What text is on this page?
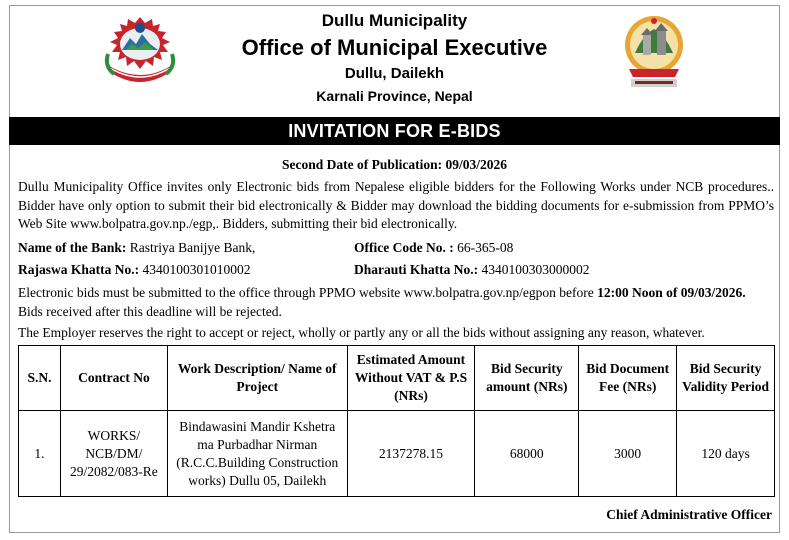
Dullu Municipality
Office of Municipal Executive
Dullu, Dailekh
Karnali Province, Nepal
INVITATION FOR E-BIDS
Second Date of Publication: 09/03/2026
Dullu Municipality Office invites only Electronic bids from Nepalese eligible bidders for the Following Works under NCB procedures.. Bidder have only option to submit their bid electronically & Bidder may download the bidding documents for e-submission from PPMO’s Web Site www.bolpatra.gov.np./egp,. Bidders, submitting their bid electronically.
Name of the Bank: Rastriya Banijye Bank,	Office Code No. : 66-365-08
Rajaswa Khatta No.: 4340100301010002	Dharauti Khatta No.: 4340100303000002
Electronic bids must be submitted to the office through PPMO website www.bolpatra.gov.np/egpon before 12:00 Noon of 09/03/2026.
Bids received after this deadline will be rejected.
The Employer reserves the right to accept or reject, wholly or partly any or all the bids without assigning any reason, whatever.
S.N.	Contract No	Work Description/ Name of Project	Estimated Amount Without VAT & P.S (NRs)	Bid Security amount (NRs)	Bid Document Fee (NRs)	Bid Security Validity Period
1.	WORKS/ NCB/DM/ 29/2082/083-Re	Bindawasini Mandir Kshetra ma Purbadhar Nirman (R.C.C.Building Construction works) Dullu 05, Dailekh	2137278.15	68000	3000	120 days
Chief Administrative Officer
